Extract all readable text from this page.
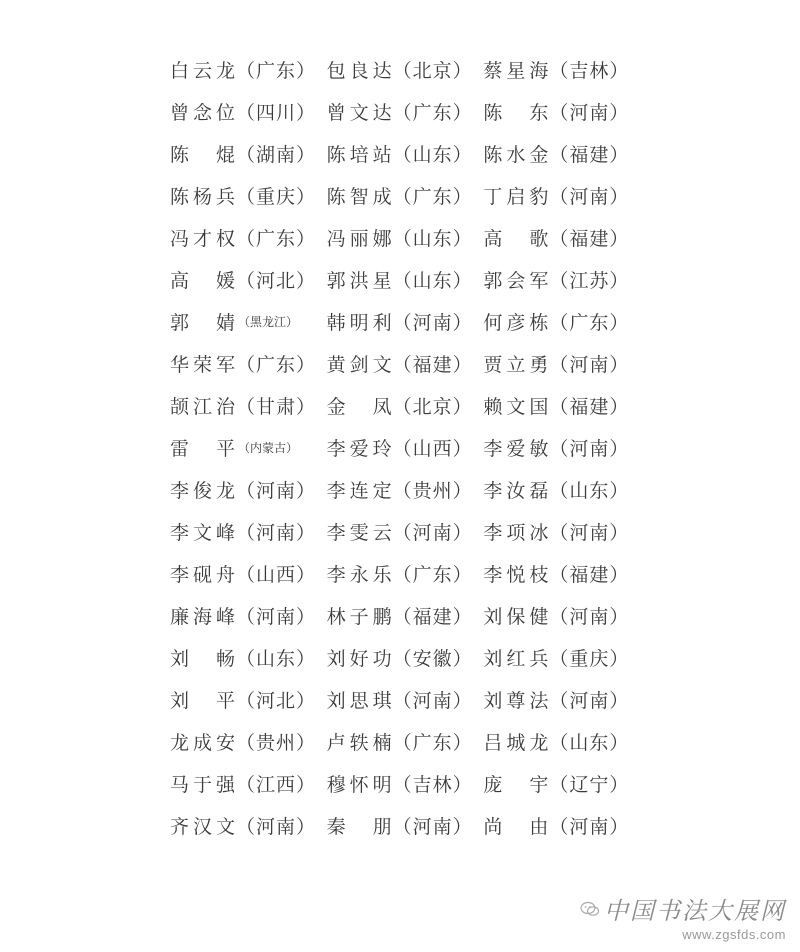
白云龙 （广东） 包良达 （北京） 蔡星海 （吉林）
曾念位 （四川） 曾文达 （广东） 陈　东 （河南）
陈　焜 （湖南） 陈培站 （山东） 陈水金 （福建）
陈杨兵 （重庆） 陈智成 （广东） 丁启豹 （河南）
冯才权 （广东） 冯丽娜 （山东） 高　歌 （福建）
高　媛 （河北） 郭洪星 （山东） 郭会军 （江苏）
郭　婧 （黑龙江） 韩明利 （河南） 何彦栋 （广东）
华荣军 （广东） 黄剑文 （福建） 贾立勇 （河南）
颉江治 （甘肃） 金　凤 （北京） 赖文国 （福建）
雷　平 （内蒙古） 李爱玲 （山西） 李爱敏 （河南）
李俊龙 （河南） 李连定 （贵州） 李汝磊 （山东）
李文峰 （河南） 李雯云 （河南） 李项冰 （河南）
李砚舟 （山西） 李永乐 （广东） 李悦枝 （福建）
廉海峰 （河南） 林子鹏 （福建） 刘保健 （河南）
刘　畅 （山东） 刘好功 （安徽） 刘红兵 （重庆）
刘　平 （河北） 刘思琪 （河南） 刘尊法 （河南）
龙成安 （贵州） 卢轶楠 （广东） 吕城龙 （山东）
马于强 （江西） 穆怀明 （吉林） 庞　宇 （辽宁）
齐汉文 （河南） 秦　朋 （河南） 尚　由 （河南）
中国书法大展网
www.zgsfds.com
